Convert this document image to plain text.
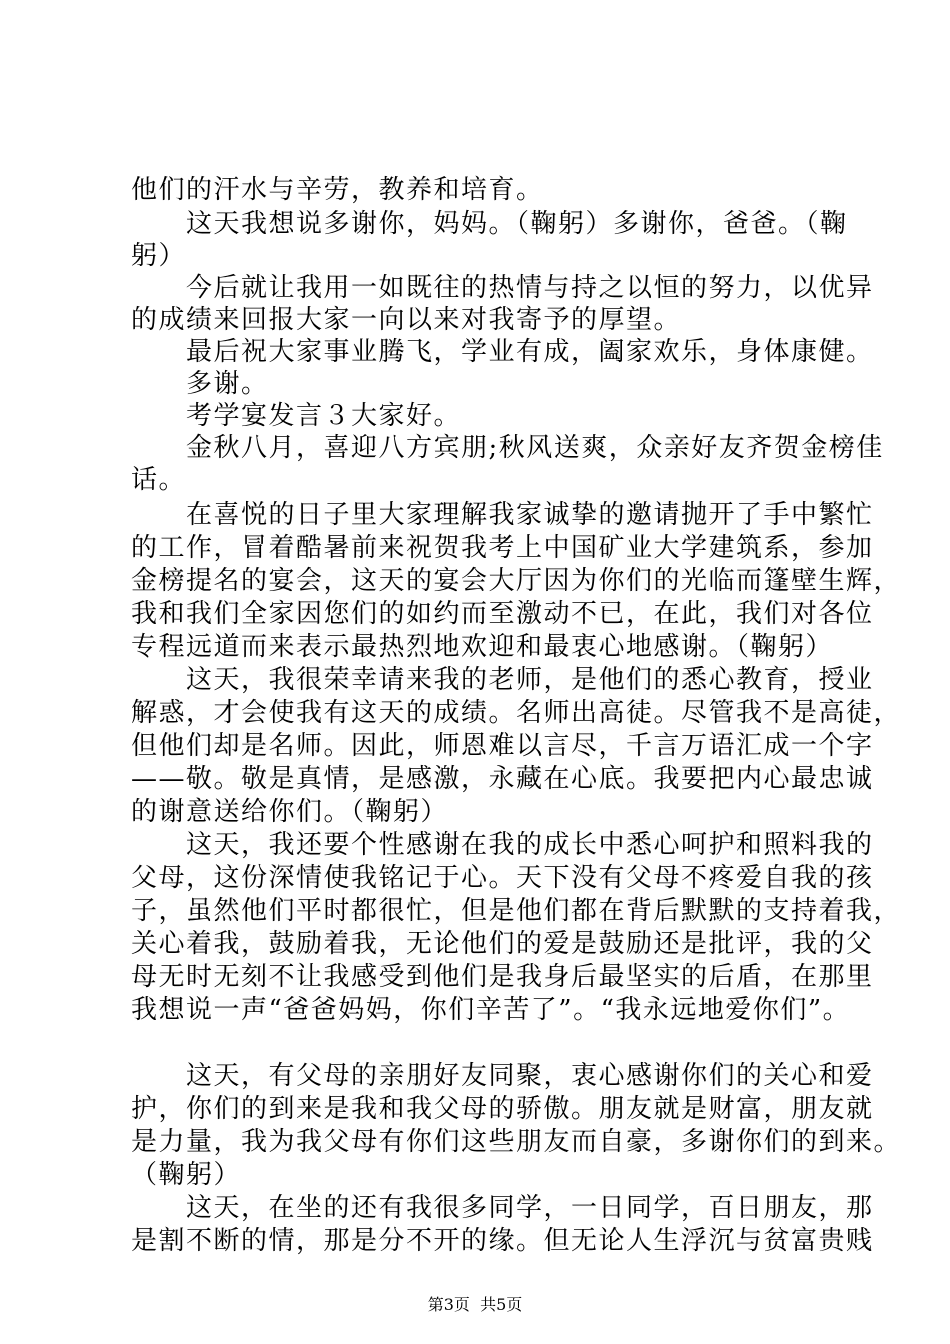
他们的汗水与辛劳，教养和培育。
　　这天我想说多谢你，妈妈。（鞠躬）多谢你，爸爸。（鞠
躬）
　　今后就让我用一如既往的热情与持之以恒的努力，以优异
的成绩来回报大家一向以来对我寄予的厚望。
　　最后祝大家事业腾飞，学业有成，阖家欢乐，身体康健。
　　多谢。
　　考学宴发言３大家好。
　　金秋八月，喜迎八方宾朋;秋风送爽，众亲好友齐贺金榜佳
话。
　　在喜悦的日子里大家理解我家诚挚的邀请抛开了手中繁忙
的工作，冒着酷暑前来祝贺我考上中国矿业大学建筑系，参加
金榜提名的宴会，这天的宴会大厅因为你们的光临而篷壁生辉，
我和我们全家因您们的如约而至激动不已，在此，我们对各位
专程远道而来表示最热烈地欢迎和最衷心地感谢。（鞠躬）
　　这天，我很荣幸请来我的老师，是他们的悉心教育，授业
解惑，才会使我有这天的成绩。名师出高徒。尽管我不是高徒，
但他们却是名师。因此，师恩难以言尽，千言万语汇成一个字
——敬。敬是真情，是感激，永藏在心底。我要把内心最忠诚
的谢意送给你们。（鞠躬）
　　这天，我还要个性感谢在我的成长中悉心呵护和照料我的
父母，这份深情使我铭记于心。天下没有父母不疼爱自我的孩
子，虽然他们平时都很忙，但是他们都在背后默默的支持着我，
关心着我，鼓励着我，无论他们的爱是鼓励还是批评，我的父
母无时无刻不让我感受到他们是我身后最坚实的后盾，在那里
我想说一声“爸爸妈妈，你们辛苦了”。“我永远地爱你们”。
　　这天，有父母的亲朋好友同聚，衷心感谢你们的关心和爱
护，你们的到来是我和我父母的骄傲。朋友就是财富，朋友就
是力量，我为我父母有你们这些朋友而自豪，多谢你们的到来。
（鞠躬）
　　这天，在坐的还有我很多同学，一日同学，百日朋友，那
是割不断的情，那是分不开的缘。但无论人生浮沉与贫富贵贱
第3页  共5页
